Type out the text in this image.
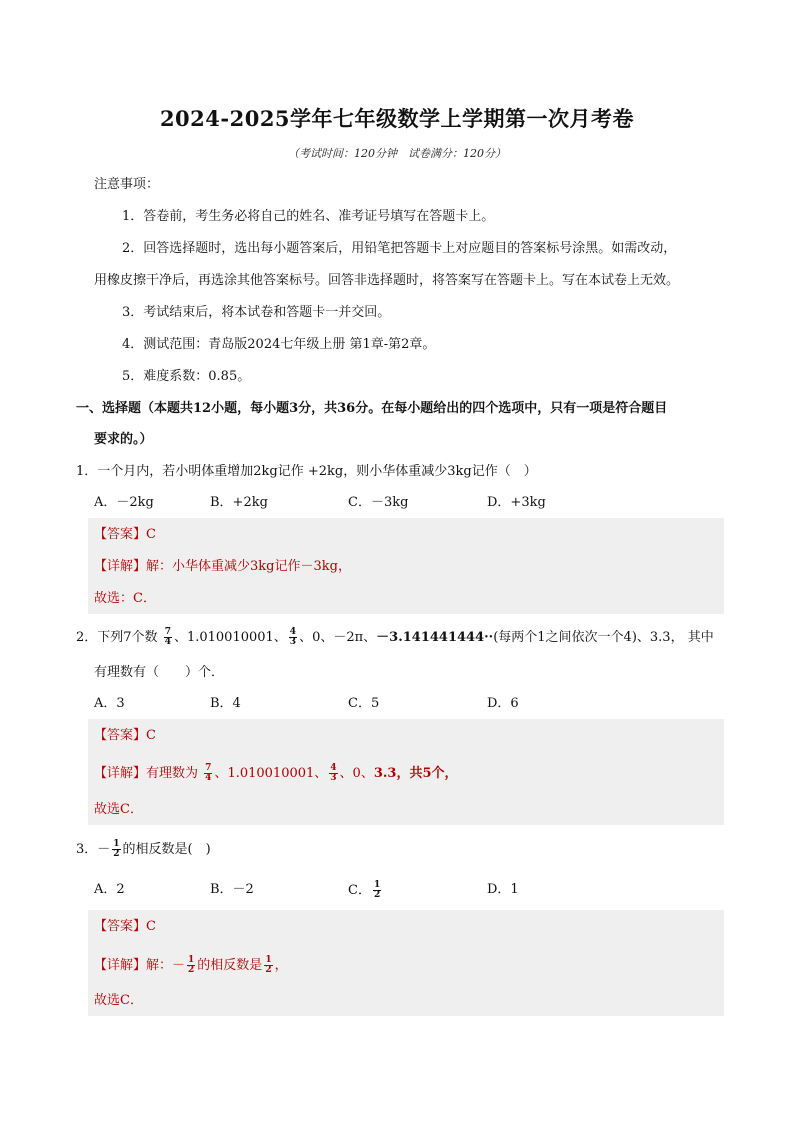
2024-2025学年七年级数学上学期第一次月考卷
（考试时间：120分钟　试卷满分：120分）
注意事项：
1．答卷前，考生务必将自己的姓名、准考证号填写在答题卡上。
2．回答选择题时，选出每小题答案后，用铅笔把答题卡上对应题目的答案标号涂黑。如需改动，
用橡皮擦干净后，再选涂其他答案标号。回答非选择题时，将答案写在答题卡上。写在本试卷上无效。
3．考试结束后，将本试卷和答题卡一并交回。
4．测试范围：青岛版2024七年级上册 第1章-第2章。
5．难度系数：0.85。
一、选择题（本题共12小题，每小题3分，共36分。在每小题给出的四个选项中，只有一项是符合题目
要求的。）
1．一个月内，若小明体重增加2kg记作 +2kg，则小华体重减少3kg记作（　）
A．－2kg	B．+2kg	C．－3kg	D．+3kg
【答案】C
【详解】解：小华体重减少3kg记作－3kg，
故选：C．
2．下列7个数 $\frac{7}{4}$ 、1.010010001、 $\frac{4}{3}$ 、0、－2π、－3.141441444··(每两个1之间依次一个4)、3.3， 其中
有理数有（　　）个．
A．3	B．4	C．5	D．6
【答案】C
【详解】有理数为 $\frac{7}{4}$ 、1.010010001、 $\frac{4}{3}$ 、0、3.3，共5个，
故选C．
3．－ $\frac{1}{2}$ 的相反数是(　)
A．2	B．－2	C． $\frac{1}{2}$	D．1
【答案】C
【详解】解：－ $\frac{1}{2}$ 的相反数是 $\frac{1}{2}$ ，
故选C．
